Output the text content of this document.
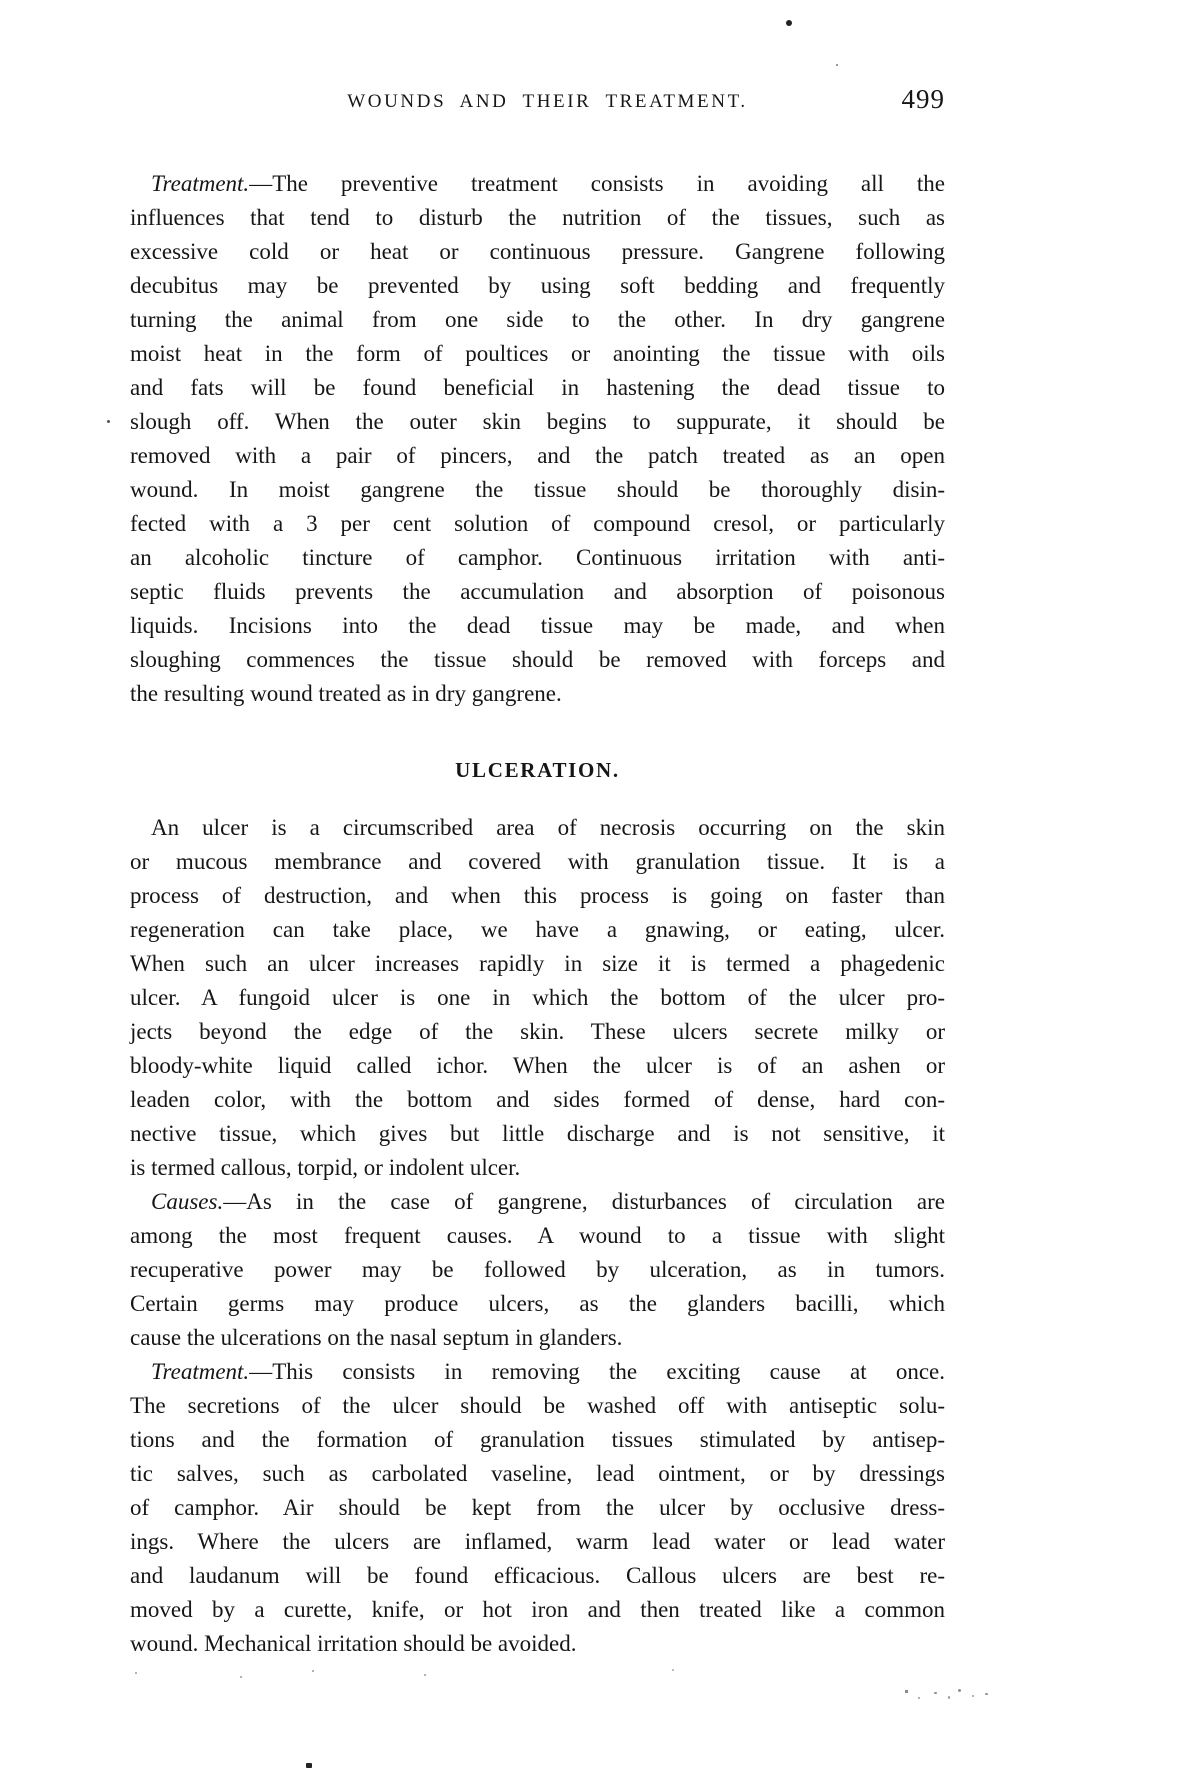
WOUNDS AND THEIR TREATMENT.	499
Treatment.—The preventive treatment consists in avoiding all the
influences that tend to disturb the nutrition of the tissues, such as
excessive cold or heat or continuous pressure. Gangrene following
decubitus may be prevented by using soft bedding and frequently
turning the animal from one side to the other. In dry gangrene
moist heat in the form of poultices or anointing the tissue with oils
and fats will be found beneficial in hastening the dead tissue to
slough off. When the outer skin begins to suppurate, it should be
removed with a pair of pincers, and the patch treated as an open
wound. In moist gangrene the tissue should be thoroughly disin-
fected with a 3 per cent solution of compound cresol, or particularly
an alcoholic tincture of camphor. Continuous irritation with anti-
septic fluids prevents the accumulation and absorption of poisonous
liquids. Incisions into the dead tissue may be made, and when
sloughing commences the tissue should be removed with forceps and
the resulting wound treated as in dry gangrene.
ULCERATION.
An ulcer is a circumscribed area of necrosis occurring on the skin
or mucous membrance and covered with granulation tissue. It is a
process of destruction, and when this process is going on faster than
regeneration can take place, we have a gnawing, or eating, ulcer.
When such an ulcer increases rapidly in size it is termed a phagedenic
ulcer. A fungoid ulcer is one in which the bottom of the ulcer pro-
jects beyond the edge of the skin. These ulcers secrete milky or
bloody-white liquid called ichor. When the ulcer is of an ashen or
leaden color, with the bottom and sides formed of dense, hard con-
nective tissue, which gives but little discharge and is not sensitive, it
is termed callous, torpid, or indolent ulcer.
Causes.—As in the case of gangrene, disturbances of circulation are
among the most frequent causes. A wound to a tissue with slight
recuperative power may be followed by ulceration, as in tumors.
Certain germs may produce ulcers, as the glanders bacilli, which
cause the ulcerations on the nasal septum in glanders.
Treatment.—This consists in removing the exciting cause at once.
The secretions of the ulcer should be washed off with antiseptic solu-
tions and the formation of granulation tissues stimulated by antisep-
tic salves, such as carbolated vaseline, lead ointment, or by dressings
of camphor. Air should be kept from the ulcer by occlusive dress-
ings. Where the ulcers are inflamed, warm lead water or lead water
and laudanum will be found efficacious. Callous ulcers are best re-
moved by a curette, knife, or hot iron and then treated like a common
wound. Mechanical irritation should be avoided.
